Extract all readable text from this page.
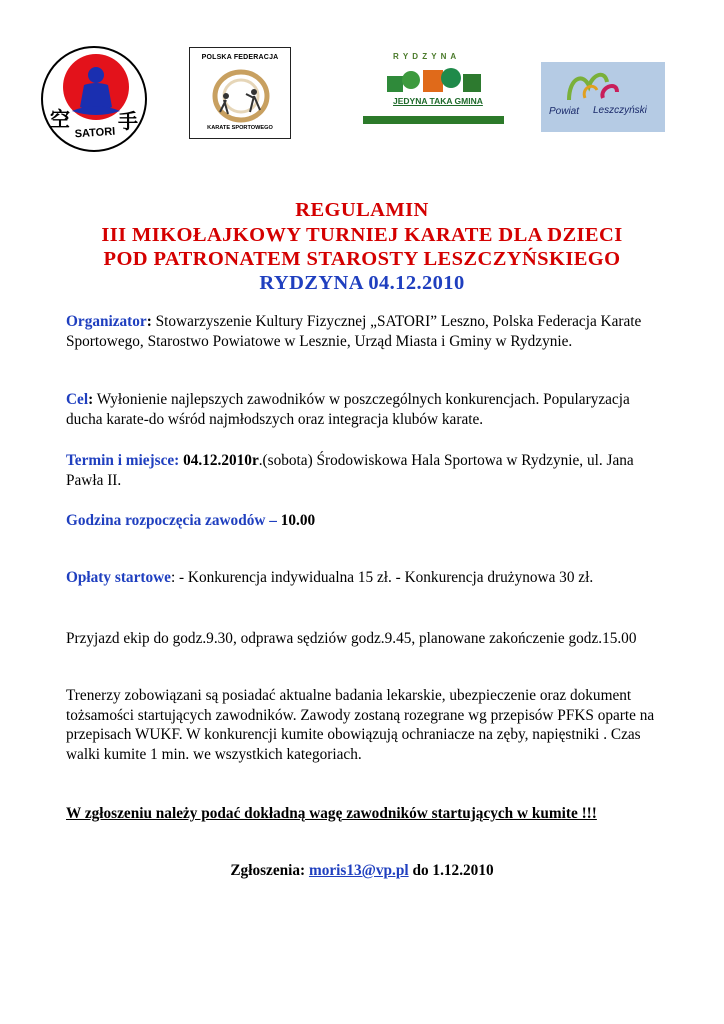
空 手
SATORI
POLSKA FEDERACJA
KARATE SPORTOWEGO
R Y D Z Y N A
JEDYNA TAKA GMINA
Powiat Leszczyński

REGULAMIN

III MIKOŁAJKOWY TURNIEJ KARATE DLA DZIECI

POD PATRONATEM STAROSTY LESZCZYŃSKIEGO

RYDZYNA 04.12.2010

Organizator: Stowarzyszenie Kultury Fizycznej „SATORI” Leszno, Polska Federacja Karate Sportowego, Starostwo Powiatowe w Lesznie, Urząd Miasta i Gminy w Rydzynie.

Cel: Wyłonienie najlepszych zawodników w poszczególnych konkurencjach. Popularyzacja ducha karate-do wśród najmłodszych oraz integracja klubów karate.

Termin i miejsce: 04.12.2010r.(sobota) Środowiskowa Hala Sportowa w Rydzynie, ul. Jana Pawła II.

Godzina rozpoczęcia zawodów – 10.00

Opłaty startowe: - Konkurencja indywidualna 15 zł. - Konkurencja drużynowa 30 zł.

Przyjazd ekip do godz.9.30, odprawa sędziów godz.9.45, planowane zakończenie godz.15.00

Trenerzy zobowiązani są posiadać aktualne badania lekarskie, ubezpieczenie oraz dokument tożsamości startujących zawodników. Zawody zostaną rozegrane wg przepisów PFKS oparte na przepisach WUKF. W konkurencji kumite obowiązują ochraniacze na zęby, napięstniki . Czas walki kumite 1 min. we wszystkich kategoriach.

W zgłoszeniu należy podać dokładną wagę zawodników startujących w kumite !!!

Zgłoszenia: moris13@vp.pl do 1.12.2010
